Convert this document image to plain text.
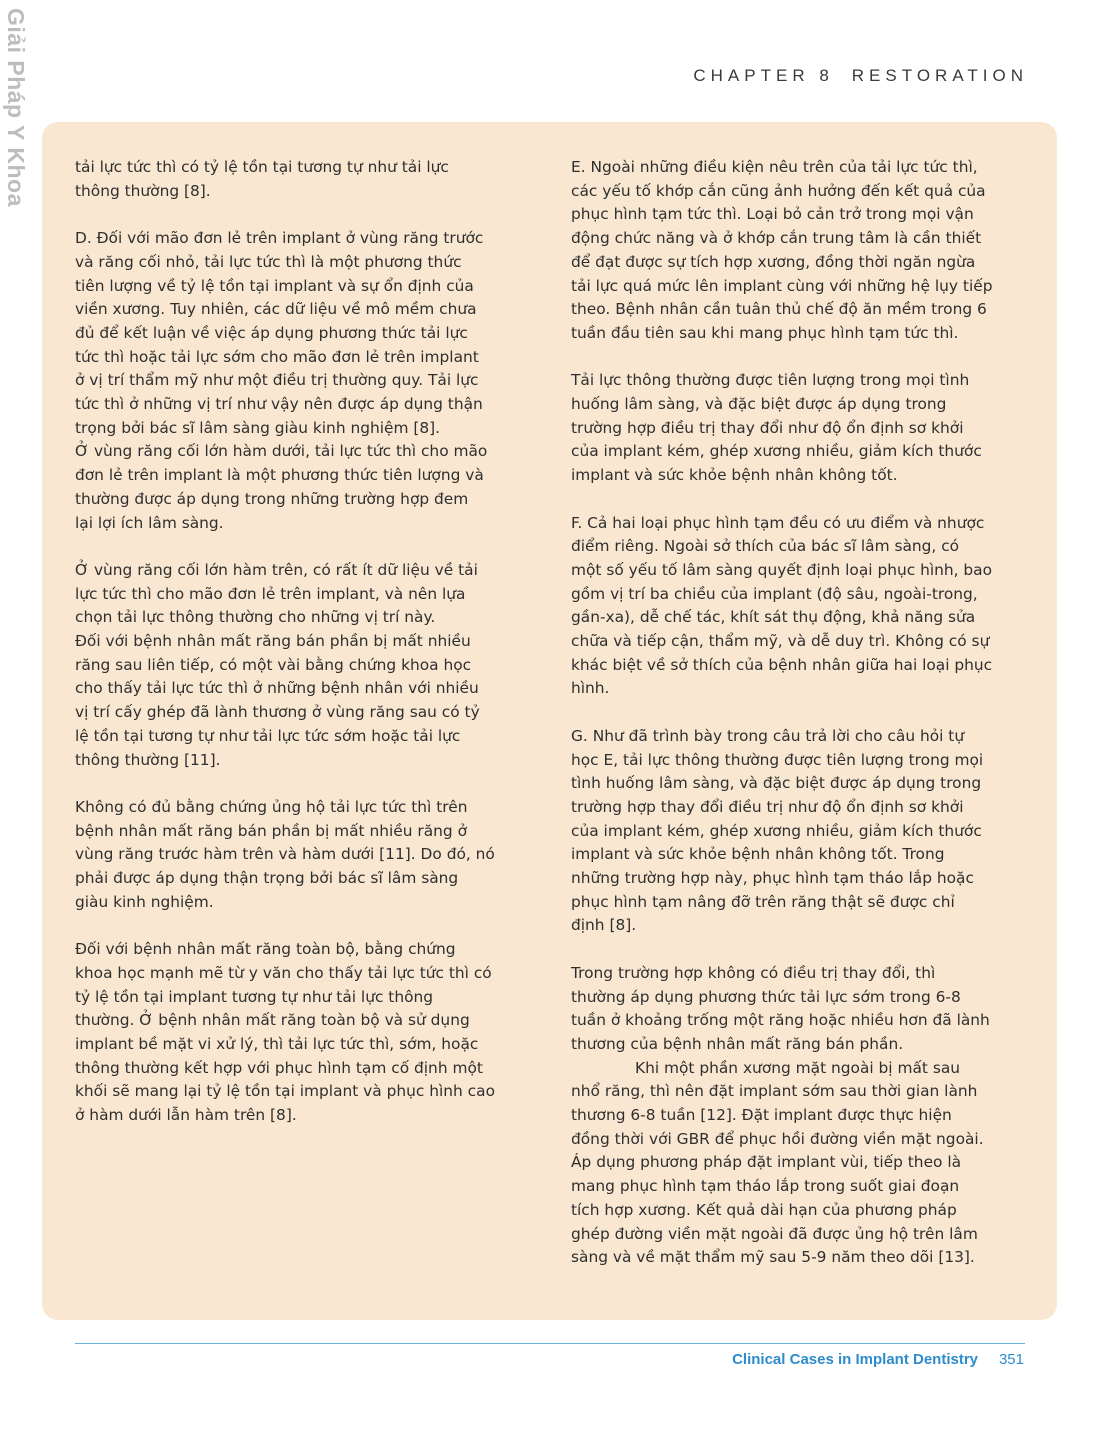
Giải Pháp Y Khoa	CHAPTER 8 RESTORATION

tải lực tức thì có tỷ lệ tồn tại tương tự như tải lực
thông thường [8].

D. Đối với mão đơn lẻ trên implant ở vùng răng trước
và răng cối nhỏ, tải lực tức thì là một phương thức
tiên lượng về tỷ lệ tồn tại implant và sự ổn định của
viền xương. Tuy nhiên, các dữ liệu về mô mềm chưa
đủ để kết luận về việc áp dụng phương thức tải lực
tức thì hoặc tải lực sớm cho mão đơn lẻ trên implant
ở vị trí thẩm mỹ như một điều trị thường quy. Tải lực
tức thì ở những vị trí như vậy nên được áp dụng thận
trọng bởi bác sĩ lâm sàng giàu kinh nghiệm [8].
Ở vùng răng cối lớn hàm dưới, tải lực tức thì cho mão
đơn lẻ trên implant là một phương thức tiên lượng và
thường được áp dụng trong những trường hợp đem
lại lợi ích lâm sàng.

Ở vùng răng cối lớn hàm trên, có rất ít dữ liệu về tải
lực tức thì cho mão đơn lẻ trên implant, và nên lựa
chọn tải lực thông thường cho những vị trí này.
Đối với bệnh nhân mất răng bán phần bị mất nhiều
răng sau liên tiếp, có một vài bằng chứng khoa học
cho thấy tải lực tức thì ở những bệnh nhân với nhiều
vị trí cấy ghép đã lành thương ở vùng răng sau có tỷ
lệ tồn tại tương tự như tải lực tức sớm hoặc tải lực
thông thường [11].

Không có đủ bằng chứng ủng hộ tải lực tức thì trên
bệnh nhân mất răng bán phần bị mất nhiều răng ở
vùng răng trước hàm trên và hàm dưới [11]. Do đó, nó
phải được áp dụng thận trọng bởi bác sĩ lâm sàng
giàu kinh nghiệm.

Đối với bệnh nhân mất răng toàn bộ, bằng chứng
khoa học mạnh mẽ từ y văn cho thấy tải lực tức thì có
tỷ lệ tồn tại implant tương tự như tải lực thông
thường. Ở bệnh nhân mất răng toàn bộ và sử dụng
implant bề mặt vi xử lý, thì tải lực tức thì, sớm, hoặc
thông thường kết hợp với phục hình tạm cố định một
khối sẽ mang lại tỷ lệ tồn tại implant và phục hình cao
ở hàm dưới lẫn hàm trên [8].

E. Ngoài những điều kiện nêu trên của tải lực tức thì,
các yếu tố khớp cắn cũng ảnh hưởng đến kết quả của
phục hình tạm tức thì. Loại bỏ cản trở trong mọi vận
động chức năng và ở khớp cắn trung tâm là cần thiết
để đạt được sự tích hợp xương, đồng thời ngăn ngừa
tải lực quá mức lên implant cùng với những hệ lụy tiếp
theo. Bệnh nhân cần tuân thủ chế độ ăn mềm trong 6
tuần đầu tiên sau khi mang phục hình tạm tức thì.

Tải lực thông thường được tiên lượng trong mọi tình
huống lâm sàng, và đặc biệt được áp dụng trong
trường hợp điều trị thay đổi như độ ổn định sơ khởi
của implant kém, ghép xương nhiều, giảm kích thước
implant và sức khỏe bệnh nhân không tốt.

F. Cả hai loại phục hình tạm đều có ưu điểm và nhược
điểm riêng. Ngoài sở thích của bác sĩ lâm sàng, có
một số yếu tố lâm sàng quyết định loại phục hình, bao
gồm vị trí ba chiều của implant (độ sâu, ngoài-trong,
gần-xa), dễ chế tác, khít sát thụ động, khả năng sửa
chữa và tiếp cận, thẩm mỹ, và dễ duy trì. Không có sự
khác biệt về sở thích của bệnh nhân giữa hai loại phục
hình.

G. Như đã trình bày trong câu trả lời cho câu hỏi tự
học E, tải lực thông thường được tiên lượng trong mọi
tình huống lâm sàng, và đặc biệt được áp dụng trong
trường hợp thay đổi điều trị như độ ổn định sơ khởi
của implant kém, ghép xương nhiều, giảm kích thước
implant và sức khỏe bệnh nhân không tốt. Trong
những trường hợp này, phục hình tạm tháo lắp hoặc
phục hình tạm nâng đỡ trên răng thật sẽ được chỉ
định [8].

Trong trường hợp không có điều trị thay đổi, thì
thường áp dụng phương thức tải lực sớm trong 6-8
tuần ở khoảng trống một răng hoặc nhiều hơn đã lành
thương của bệnh nhân mất răng bán phần.

Khi một phần xương mặt ngoài bị mất sau
nhổ răng, thì nên đặt implant sớm sau thời gian lành
thương 6-8 tuần [12]. Đặt implant được thực hiện
đồng thời với GBR để phục hồi đường viền mặt ngoài.
Áp dụng phương pháp đặt implant vùi, tiếp theo là
mang phục hình tạm tháo lắp trong suốt giai đoạn
tích hợp xương. Kết quả dài hạn của phương pháp
ghép đường viền mặt ngoài đã được ủng hộ trên lâm
sàng và về mặt thẩm mỹ sau 5-9 năm theo dõi [13].

Clinical Cases in Implant Dentistry 351
